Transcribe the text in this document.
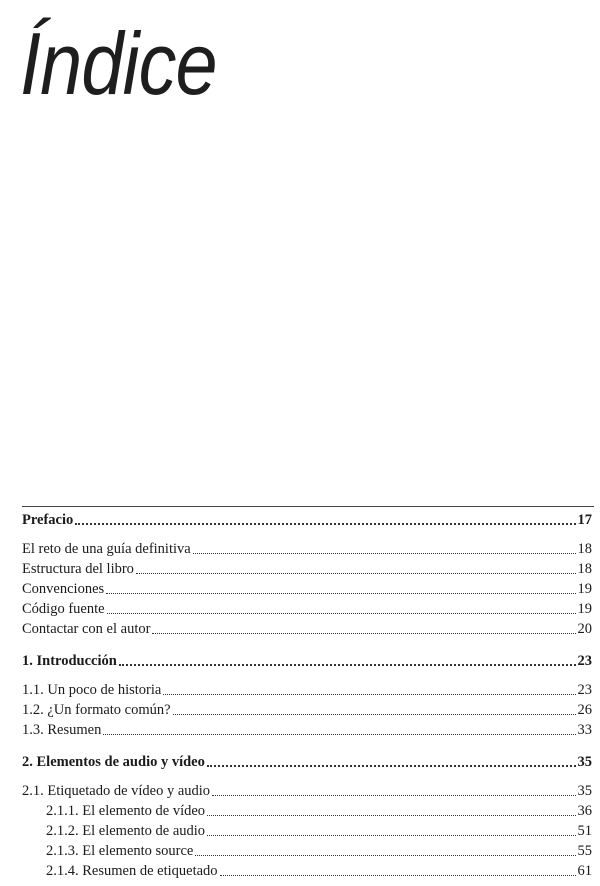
Índice
Prefacio	17
El reto de una guía definitiva	18
Estructura del libro	18
Convenciones	19
Código fuente	19
Contactar con el autor	20
1. Introducción	23
1.1. Un poco de historia	23
1.2. ¿Un formato común?	26
1.3. Resumen	33
2. Elementos de audio y vídeo	35
2.1. Etiquetado de vídeo y audio	35
2.1.1. El elemento de vídeo	36
2.1.2. El elemento de audio	51
2.1.3. El elemento source	55
2.1.4. Resumen de etiquetado	61
